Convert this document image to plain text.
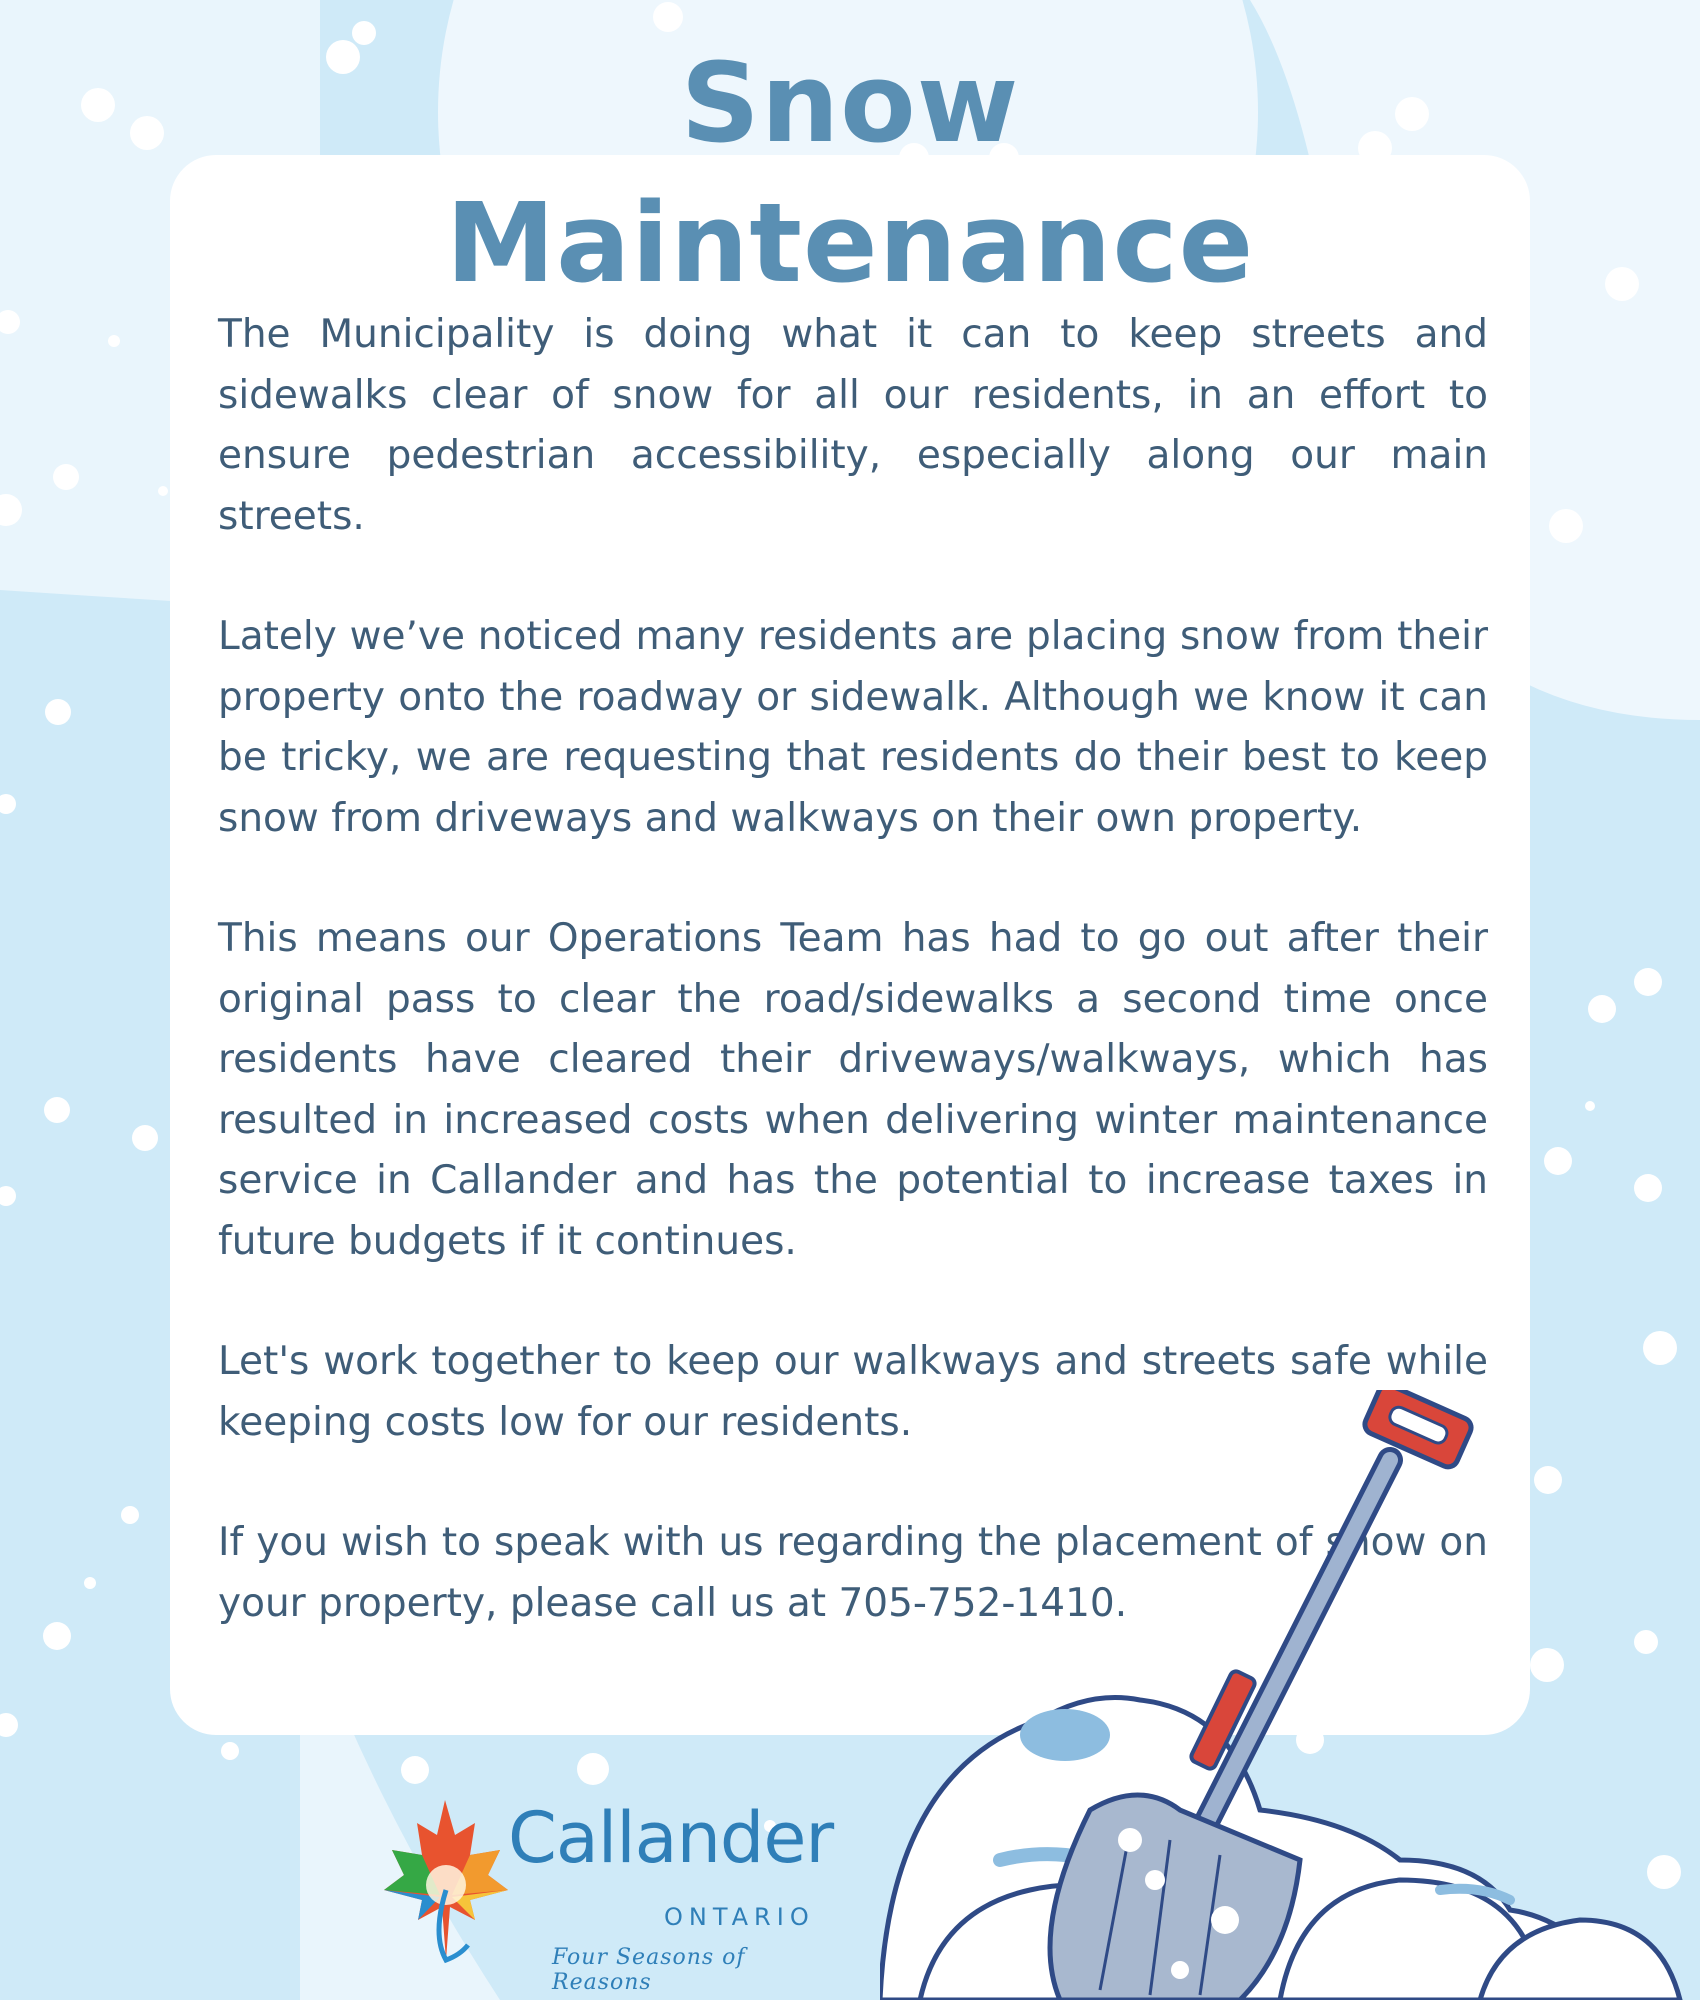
Snow
Maintenance

The Municipality is doing what it can to keep streets and sidewalks clear of snow for all our residents, in an effort to ensure pedestrian accessibility, especially along our main streets.

Lately we’ve noticed many residents are placing snow from their property onto the roadway or sidewalk. Although we know it can be tricky, we are requesting that residents do their best to keep snow from driveways and walkways on their own property.

This means our Operations Team has had to go out after their original pass to clear the road/sidewalks a second time once residents have cleared their driveways/walkways, which has resulted in increased costs when delivering winter maintenance service in Callander and has the potential to increase taxes in future budgets if it continues.

Let's work together to keep our walkways and streets safe while keeping costs low for our residents.

If you wish to speak with us regarding the placement of snow on your property, please call us at 705-752-1410.

Callander
ONTARIO
Four Seasons of Reasons
